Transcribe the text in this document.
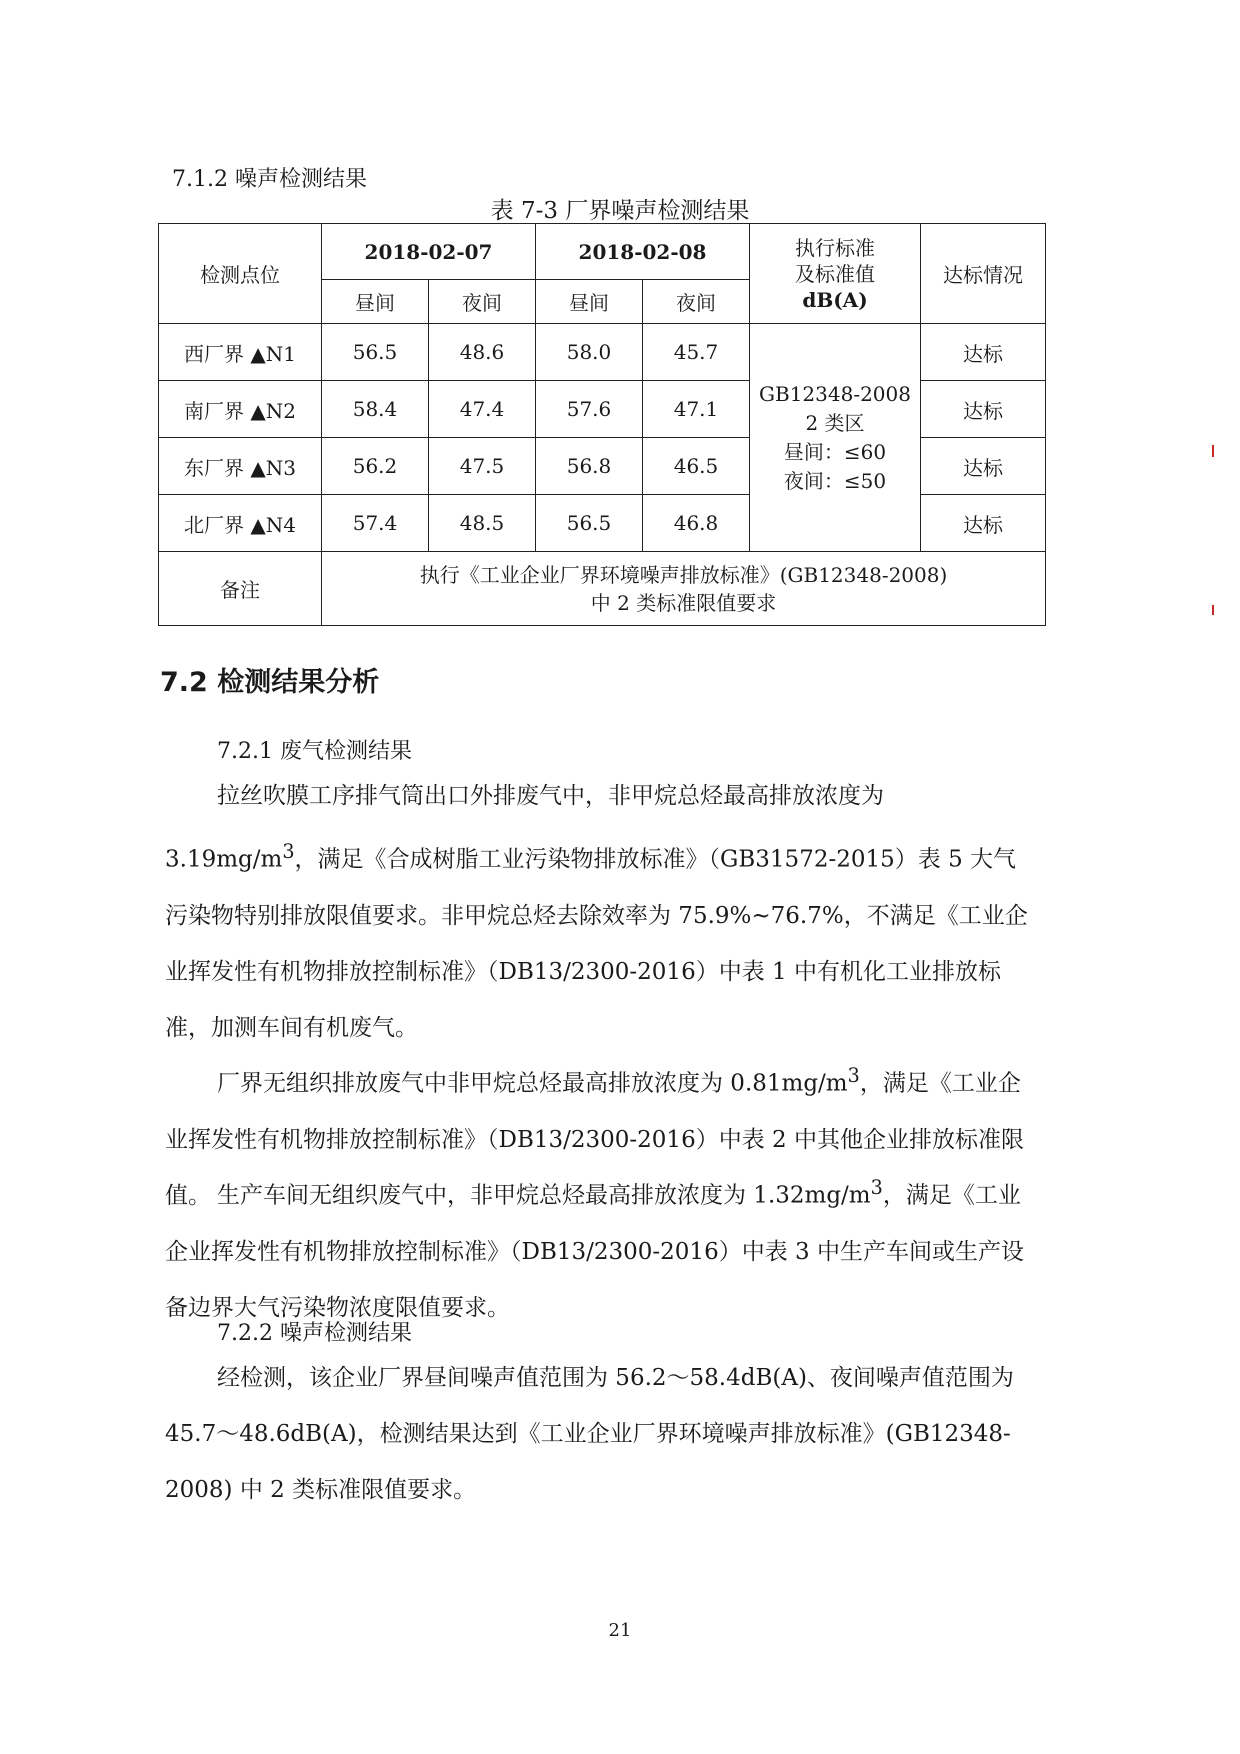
7.1.2 噪声检测结果
表 7-3 厂界噪声检测结果
检测点位	2018-02-07		2018-02-08		执行标准
及标准值
dB(A)	达标情况
	昼间	夜间	昼间	夜间		
西厂界 ▲N1	56.5	48.6	58.0	45.7	GB12348-2008
2 类区
昼间：≤60
夜间：≤50	达标
南厂界 ▲N2	58.4	47.4	57.6	47.1		达标
东厂界 ▲N3	56.2	47.5	56.8	46.5		达标
北厂界 ▲N4	57.4	48.5	56.5	46.8		达标
备注	执行《工业企业厂界环境噪声排放标准》(GB12348-2008)
中 2 类标准限值要求					
7.2 检测结果分析
7.2.1 废气检测结果

拉丝吹膜工序排气筒出口外排废气中，非甲烷总烃最高排放浓度为$3.19mg/m^3$，满足《合成树脂工业污染物排放标准》（GB31572-2015）表 5 大气污染物特别排放限值要求。非甲烷总烃去除效率为 75.9%~76.7%，不满足《工业企业挥发性有机物排放控制标准》（DB13/2300-2016）中表 1 中有机化工业排放标准，加测车间有机废气。

厂界无组织排放废气中非甲烷总烃最高排放浓度为 $0.81mg/m^3$，满足《工业企业挥发性有机物排放控制标准》（DB13/2300-2016）中表 2 中其他企业排放标准限值。 生产车间无组织废气中，非甲烷总烃最高排放浓度为 $1.32mg/m^3$，满足《工业企业挥发性有机物排放控制标准》（DB13/2300-2016）中表 3 中生产车间或生产设备边界大气污染物浓度限值要求。

7.2.2 噪声检测结果

经检测，该企业厂界昼间噪声值范围为 56.2～58.4dB(A)、夜间噪声值范围为 45.7～48.6dB(A)，检测结果达到《工业企业厂界环境噪声排放标准》(GB12348-2008) 中 2 类标准限值要求。

21
